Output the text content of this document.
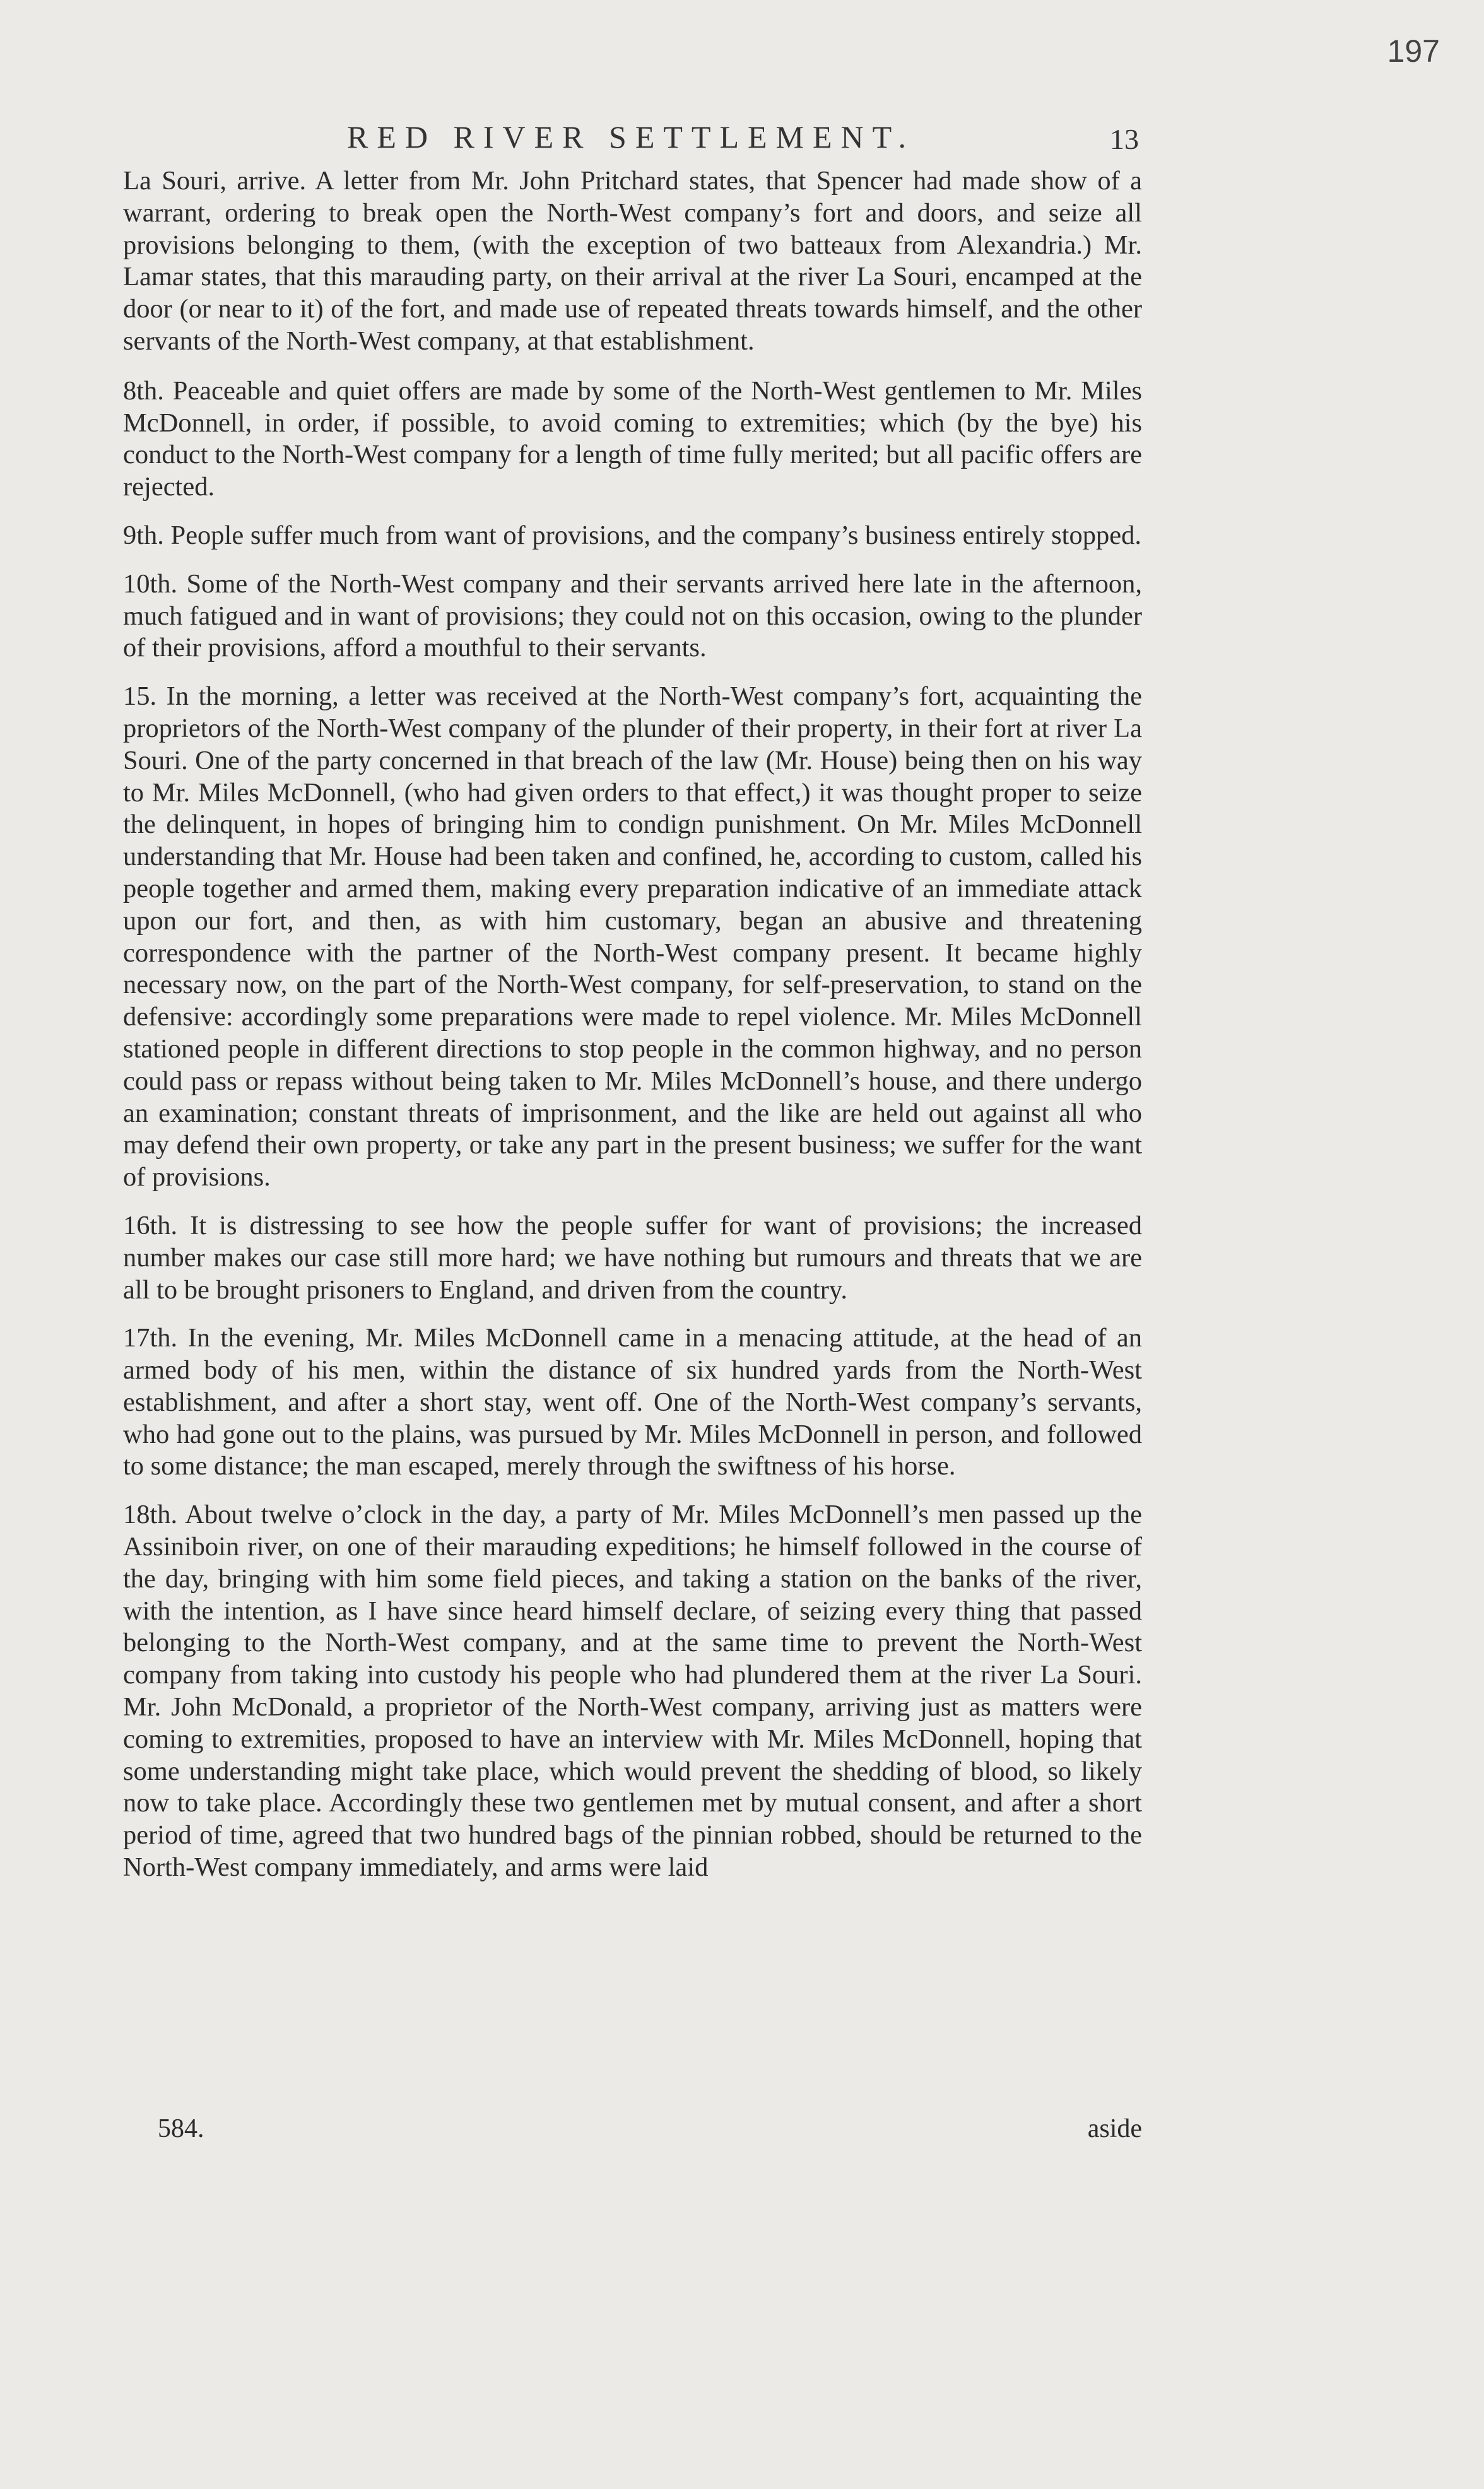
197
RED RIVER SETTLEMENT.	13

La Souri, arrive. A letter from Mr. John Pritchard states, that Spencer had made show of a warrant, ordering to break open the North-West company’s fort and doors, and seize all provisions belonging to them, (with the exception of two batteaux from Alexandria.) Mr. Lamar states, that this marauding party, on their arrival at the river La Souri, encamped at the door (or near to it) of the fort, and made use of repeated threats towards himself, and the other servants of the North-West company, at that establishment.

8th. Peaceable and quiet offers are made by some of the North-West gentlemen to Mr. Miles McDonnell, in order, if possible, to avoid coming to extremities; which (by the bye) his conduct to the North-West company for a length of time fully merited; but all pacific offers are rejected.

9th. People suffer much from want of provisions, and the company’s business entirely stopped.

10th. Some of the North-West company and their servants arrived here late in the afternoon, much fatigued and in want of provisions; they could not on this occasion, owing to the plunder of their provisions, afford a mouthful to their servants.

15. In the morning, a letter was received at the North-West company’s fort, acquainting the proprietors of the North-West company of the plunder of their property, in their fort at river La Souri. One of the party concerned in that breach of the law (Mr. House) being then on his way to Mr. Miles McDonnell, (who had given orders to that effect,) it was thought proper to seize the delinquent, in hopes of bringing him to condign punishment. On Mr. Miles McDonnell understanding that Mr. House had been taken and confined, he, according to custom, called his people together and armed them, making every preparation indicative of an immediate attack upon our fort, and then, as with him customary, began an abusive and threatening correspondence with the partner of the North-West company present. It became highly necessary now, on the part of the North-West company, for self-preservation, to stand on the defensive: accordingly some preparations were made to repel violence. Mr. Miles McDonnell stationed people in different directions to stop people in the common highway, and no person could pass or repass without being taken to Mr. Miles McDonnell’s house, and there undergo an examination; constant threats of imprisonment, and the like are held out against all who may defend their own property, or take any part in the present business; we suffer for the want of provisions.

16th. It is distressing to see how the people suffer for want of provisions; the increased number makes our case still more hard; we have nothing but rumours and threats that we are all to be brought prisoners to England, and driven from the country.

17th. In the evening, Mr. Miles McDonnell came in a menacing attitude, at the head of an armed body of his men, within the distance of six hundred yards from the North-West establishment, and after a short stay, went off. One of the North-West company’s servants, who had gone out to the plains, was pursued by Mr. Miles McDonnell in person, and followed to some distance; the man escaped, merely through the swiftness of his horse.

18th. About twelve o’clock in the day, a party of Mr. Miles McDonnell’s men passed up the Assiniboin river, on one of their marauding expeditions; he himself followed in the course of the day, bringing with him some field pieces, and taking a station on the banks of the river, with the intention, as I have since heard himself declare, of seizing every thing that passed belonging to the North-West company, and at the same time to prevent the North-West company from taking into custody his people who had plundered them at the river La Souri. Mr. John McDonald, a proprietor of the North-West company, arriving just as matters were coming to extremities, proposed to have an interview with Mr. Miles McDonnell, hoping that some understanding might take place, which would prevent the shedding of blood, so likely now to take place. Accordingly these two gentlemen met by mutual consent, and after a short period of time, agreed that two hundred bags of the pinnian robbed, should be returned to the North-West company immediately, and arms were laid

584.	aside
